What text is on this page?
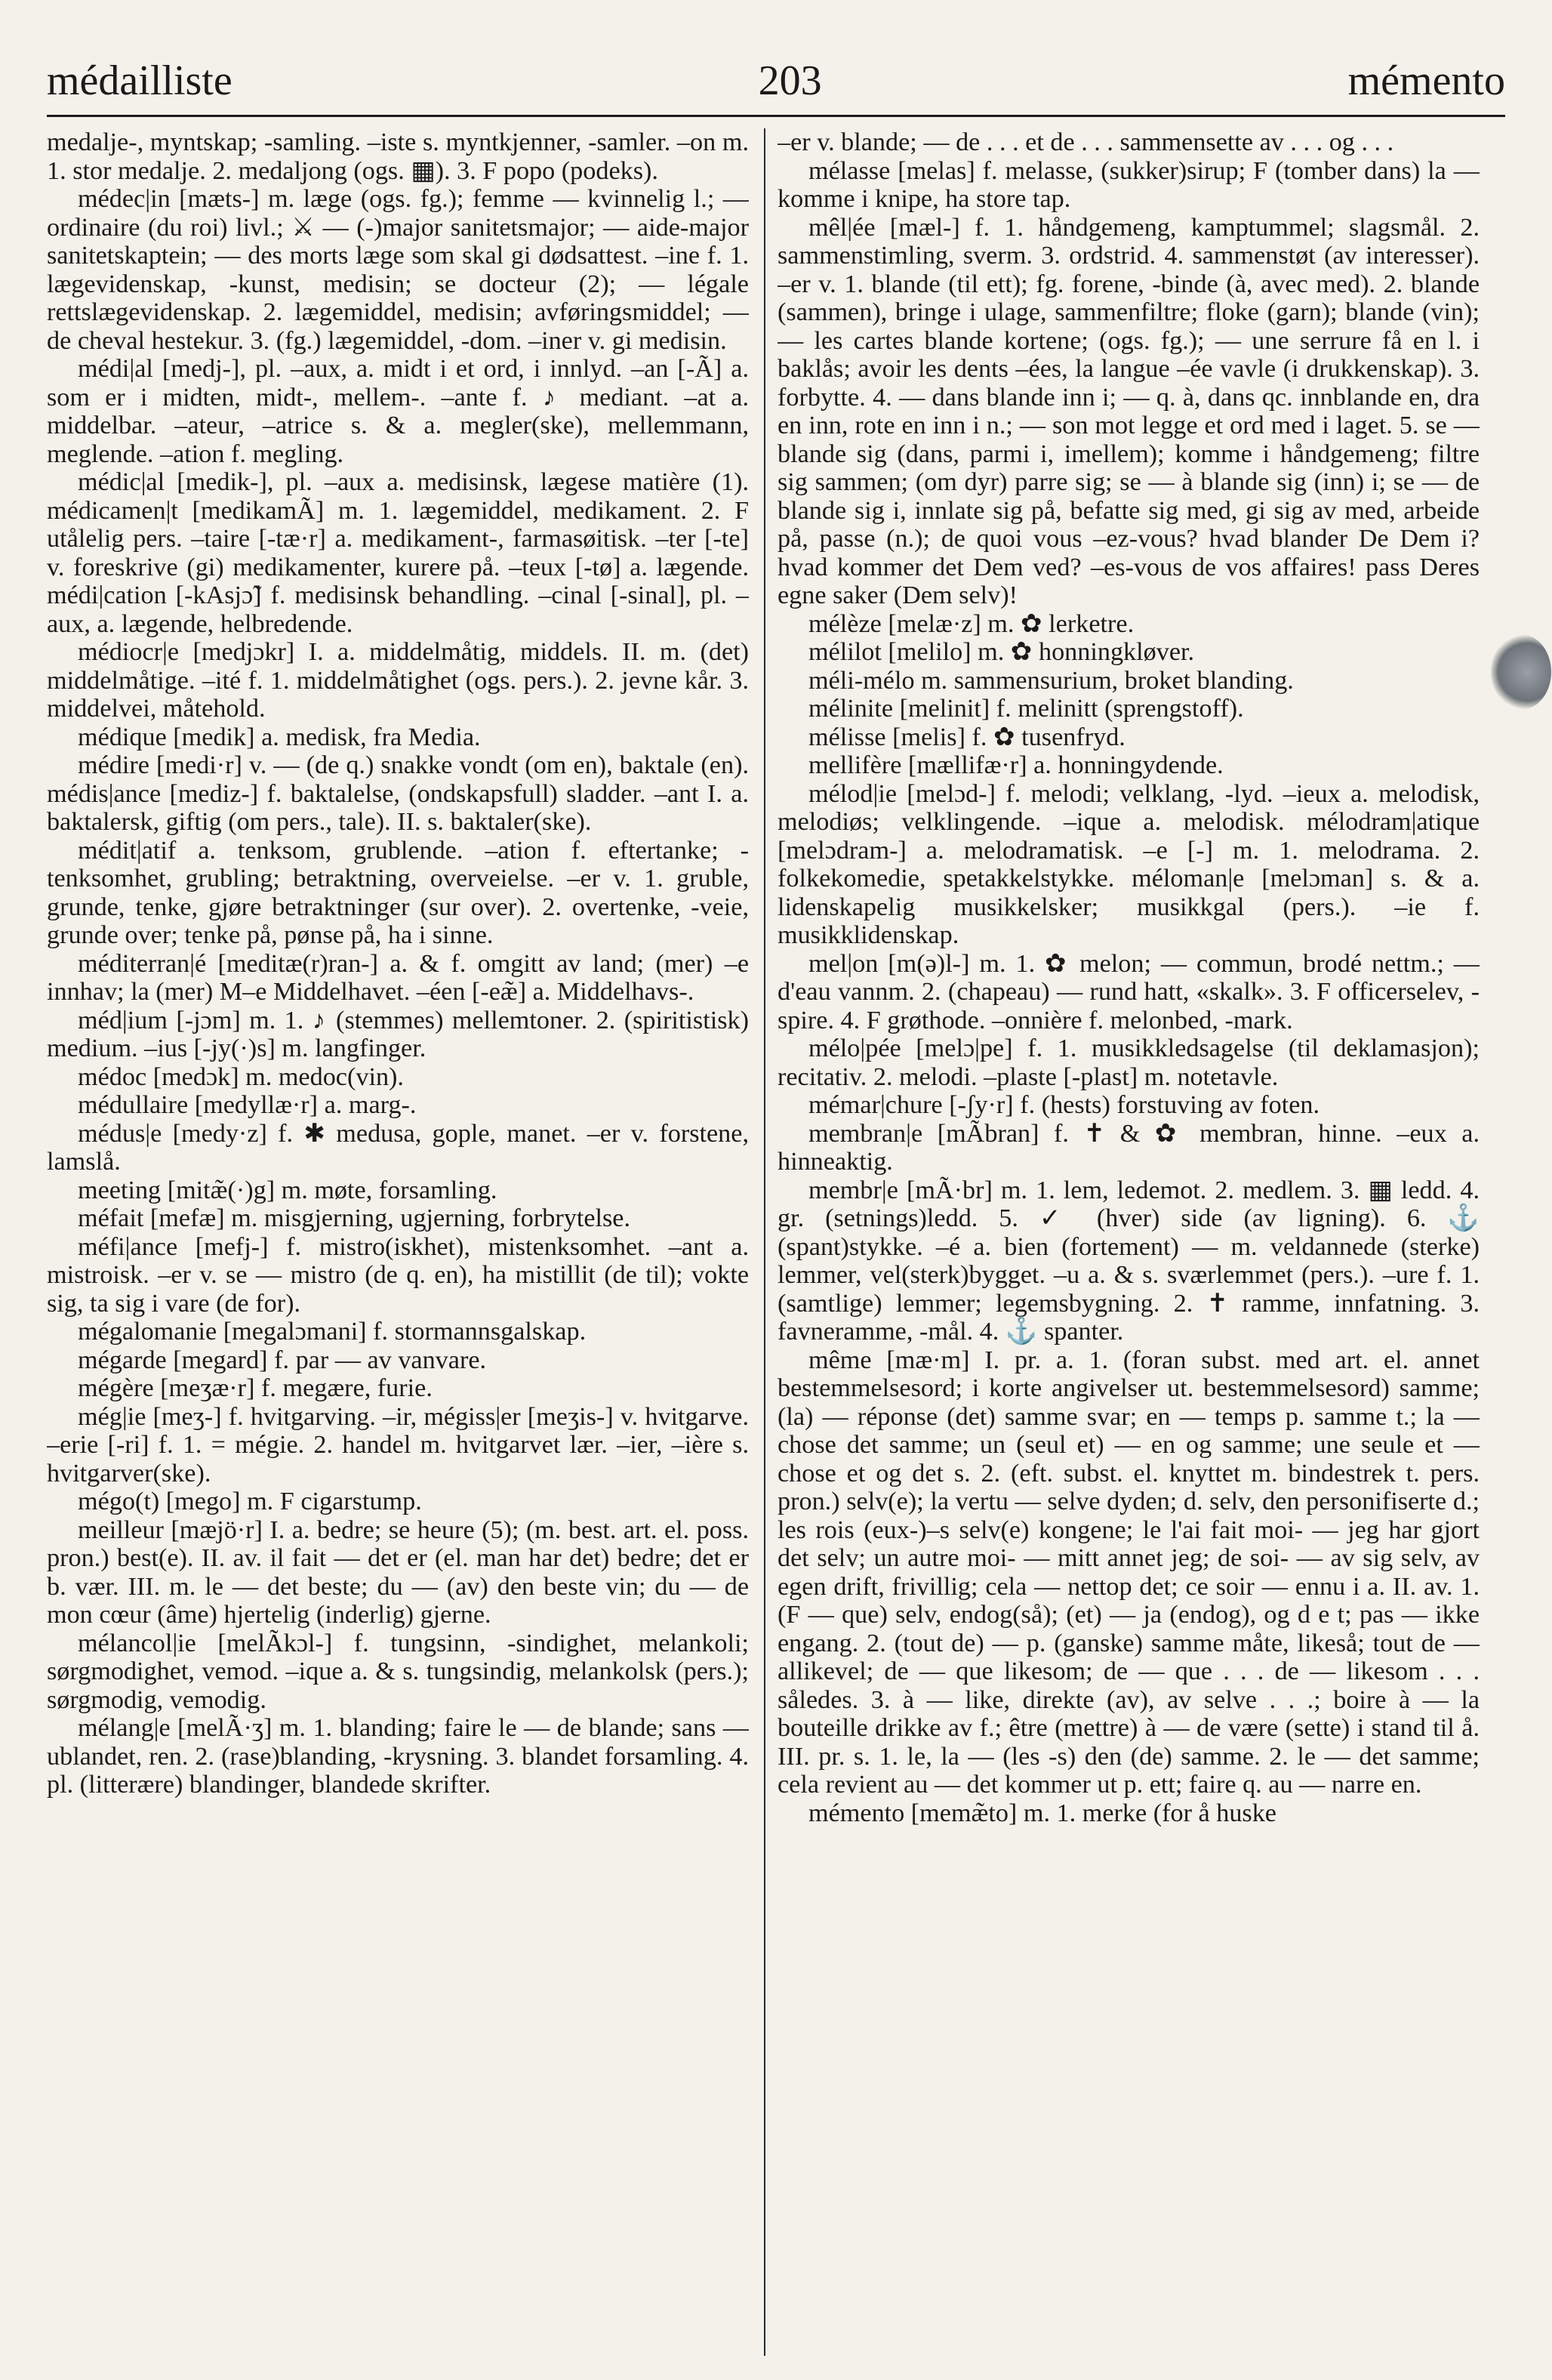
médailliste	203	mémento

medalje-, myntskap; -samling. –iste s. myntkjenner, -samler. –on m. 1. stor medalje. 2. medaljong (ogs. ▦). 3. F popo (podeks).

médec|in [mæts-] m. læge (ogs. fg.); femme — kvinnelig l.; — ordinaire (du roi) livl.; ⚔ — (-)major sanitetsmajor; — aide-major sanitetskaptein; — des morts læge som skal gi dødsattest. –ine f. 1. lægevidenskap, -kunst, medisin; se docteur (2); — légale rettslægevidenskap. 2. lægemiddel, medisin; avføringsmiddel; — de cheval hestekur. 3. (fg.) lægemiddel, -dom. –iner v. gi medisin.

médi|al [medj-], pl. –aux, a. midt i et ord, i innlyd. –an [-Ã] a. som er i midten, midt-, mellem-. –ante f. ♪ mediant. –at a. middelbar. –ateur, –atrice s. & a. megler(ske), mellemmann, meglende. –ation f. megling.

médic|al [medik-], pl. –aux a. medisinsk, lægese matière (1). médicamen|t [medikamÃ] m. 1. lægemiddel, medikament. 2. F utålelig pers. –taire [-tæ·r] a. medikament-, farmasøitisk. –ter [-te] v. foreskrive (gi) medikamenter, kurere på. –teux [-tø] a. lægende. médi|cation [-kAsjɔ̃] f. medisinsk behandling. –cinal [-sinal], pl. –aux, a. lægende, helbredende.

médiocr|e [medjɔkr] I. a. middelmåtig, middels. II. m. (det) middelmåtige. –ité f. 1. middelmåtighet (ogs. pers.). 2. jevne kår. 3. middelvei, måtehold.

médique [medik] a. medisk, fra Media.

médire [medi·r] v. — (de q.) snakke vondt (om en), baktale (en). médis|ance [mediz-] f. baktalelse, (ondskapsfull) sladder. –ant I. a. baktalersk, giftig (om pers., tale). II. s. baktaler(ske).

médit|atif a. tenksom, grublende. –ation f. eftertanke; -tenksomhet, grubling; betraktning, overveielse. –er v. 1. gruble, grunde, tenke, gjøre betraktninger (sur over). 2. overtenke, -veie, grunde over; tenke på, pønse på, ha i sinne.

méditerran|é [meditæ(r)ran-] a. & f. omgitt av land; (mer) –e innhav; la (mer) M–e Middelhavet. –éen [-eæ̃] a. Middelhavs-.

méd|ium [-jɔm] m. 1. ♪ (stemmes) mellemtoner. 2. (spiritistisk) medium. –ius [-jy(·)s] m. langfinger.

médoc [medɔk] m. medoc(vin).

médullaire [medyllæ·r] a. marg-.

médus|e [medy·z] f. ✱ medusa, gople, manet. –er v. forstene, lamslå.

meeting [mitæ̃(·)g] m. møte, forsamling.

méfait [mefæ] m. misgjerning, ugjerning, forbrytelse.

méfi|ance [mefj-] f. mistro(iskhet), mistenksomhet. –ant a. mistroisk. –er v. se — mistro (de q. en), ha mistillit (de til); vokte sig, ta sig i vare (de for).

mégalomanie [megalɔmani] f. stormannsgalskap.

mégarde [megard] f. par — av vanvare.

mégère [meʒæ·r] f. megære, furie.

még|ie [meʒ-] f. hvitgarving. –ir, mégiss|er [meʒis-] v. hvitgarve. –erie [-ri] f. 1. = mégie. 2. handel m. hvitgarvet lær. –ier, –ière s. hvitgarver(ske).

mégo(t) [mego] m. F cigarstump.

meilleur [mæjö·r] I. a. bedre; se heure (5); (m. best. art. el. poss. pron.) best(e). II. av. il fait — det er (el. man har det) bedre; det er b. vær. III. m. le — det beste; du — (av) den beste vin; du — de mon cœur (âme) hjertelig (inderlig) gjerne.

mélancol|ie [melÃkɔl-] f. tungsinn, -sindighet, melankoli; sørgmodighet, vemod. –ique a. & s. tungsindig, melankolsk (pers.); sørgmodig, vemodig.

mélang|e [melÃ·ʒ] m. 1. blanding; faire le — de blande; sans — ublandet, ren. 2. (rase)blanding, -krysning. 3. blandet forsamling. 4. pl. (litterære) blandinger, blandede skrifter.

–er v. blande; — de . . . et de . . . sammensette av . . . og . . .

mélasse [melas] f. melasse, (sukker)sirup; F (tomber dans) la — komme i knipe, ha store tap.

mêl|ée [mæl-] f. 1. håndgemeng, kamptummel; slagsmål. 2. sammenstimling, sverm. 3. ordstrid. 4. sammenstøt (av interesser). –er v. 1. blande (til ett); fg. forene, -binde (à, avec med). 2. blande (sammen), bringe i ulage, sammenfiltre; floke (garn); blande (vin); — les cartes blande kortene; (ogs. fg.); — une serrure få en l. i baklås; avoir les dents –ées, la langue –ée vavle (i drukkenskap). 3. forbytte. 4. — dans blande inn i; — q. à, dans qc. innblande en, dra en inn, rote en inn i n.; — son mot legge et ord med i laget. 5. se — blande sig (dans, parmi i, imellem); komme i håndgemeng; filtre sig sammen; (om dyr) parre sig; se — à blande sig (inn) i; se — de blande sig i, innlate sig på, befatte sig med, gi sig av med, arbeide på, passe (n.); de quoi vous –ez-vous? hvad blander De Dem i? hvad kommer det Dem ved? –es-vous de vos affaires! pass Deres egne saker (Dem selv)!

mélèze [melæ·z] m. ✿ lerketre.

mélilot [melilo] m. ✿ honningkløver.

méli-mélo m. sammensurium, broket blanding.

mélinite [melinit] f. melinitt (sprengstoff).

mélisse [melis] f. ✿ tusenfryd.

mellifère [mællifæ·r] a. honningydende.

mélod|ie [melɔd-] f. melodi; velklang, -lyd. –ieux a. melodisk, melodiøs; velklingende. –ique a. melodisk. mélodram|atique [melɔdram-] a. melodramatisk. –e [-] m. 1. melodrama. 2. folkekomedie, spetakkelstykke. méloman|e [melɔman] s. & a. lidenskapelig musikkelsker; musikkgal (pers.). –ie f. musikklidenskap.

mel|on [m(ə)l-] m. 1. ✿ melon; — commun, brodé nettm.; — d'eau vannm. 2. (chapeau) — rund hatt, «skalk». 3. F officerselev, -spire. 4. F grøthode. –onnière f. melonbed, -mark.

mélo|pée [melɔ|pe] f. 1. musikkledsagelse (til deklamasjon); recitativ. 2. melodi. –plaste [-plast] m. notetavle.

mémar|chure [-ʃy·r] f. (hests) forstuving av foten.

membran|e [mÃbran] f. ✝ & ✿ membran, hinne. –eux a. hinneaktig.

membr|e [mÃ·br] m. 1. lem, ledemot. 2. medlem. 3. ▦ ledd. 4. gr. (setnings)ledd. 5. ✓ (hver) side (av ligning). 6. ⚓ (spant)stykke. –é a. bien (fortement) — m. veldannede (sterke) lemmer, vel(sterk)bygget. –u a. & s. sværlemmet (pers.). –ure f. 1. (samtlige) lemmer; legemsbygning. 2. ✝ ramme, innfatning. 3. favneramme, -mål. 4. ⚓ spanter.

même [mæ·m] I. pr. a. 1. (foran subst. med art. el. annet bestemmelsesord; i korte angivelser ut. bestemmelsesord) samme; (la) — réponse (det) samme svar; en — temps p. samme t.; la — chose det samme; un (seul et) — en og samme; une seule et — chose et og det s. 2. (eft. subst. el. knyttet m. bindestrek t. pers. pron.) selv(e); la vertu — selve dyden; d. selv, den personifiserte d.; les rois (eux-)–s selv(e) kongene; le l'ai fait moi- — jeg har gjort det selv; un autre moi- — mitt annet jeg; de soi- — av sig selv, av egen drift, frivillig; cela — nettop det; ce soir — ennu i a. II. av. 1. (F — que) selv, endog(så); (et) — ja (endog), og d e t; pas — ikke engang. 2. (tout de) — p. (ganske) samme måte, likeså; tout de — allikevel; de — que likesom; de — que . . . de — likesom . . . således. 3. à — like, direkte (av), av selve . . .; boire à — la bouteille drikke av f.; être (mettre) à — de være (sette) i stand til å. III. pr. s. 1. le, la — (les -s) den (de) samme. 2. le — det samme; cela revient au — det kommer ut p. ett; faire q. au — narre en.

mémento [memæ̃to] m. 1. merke (for å huske
